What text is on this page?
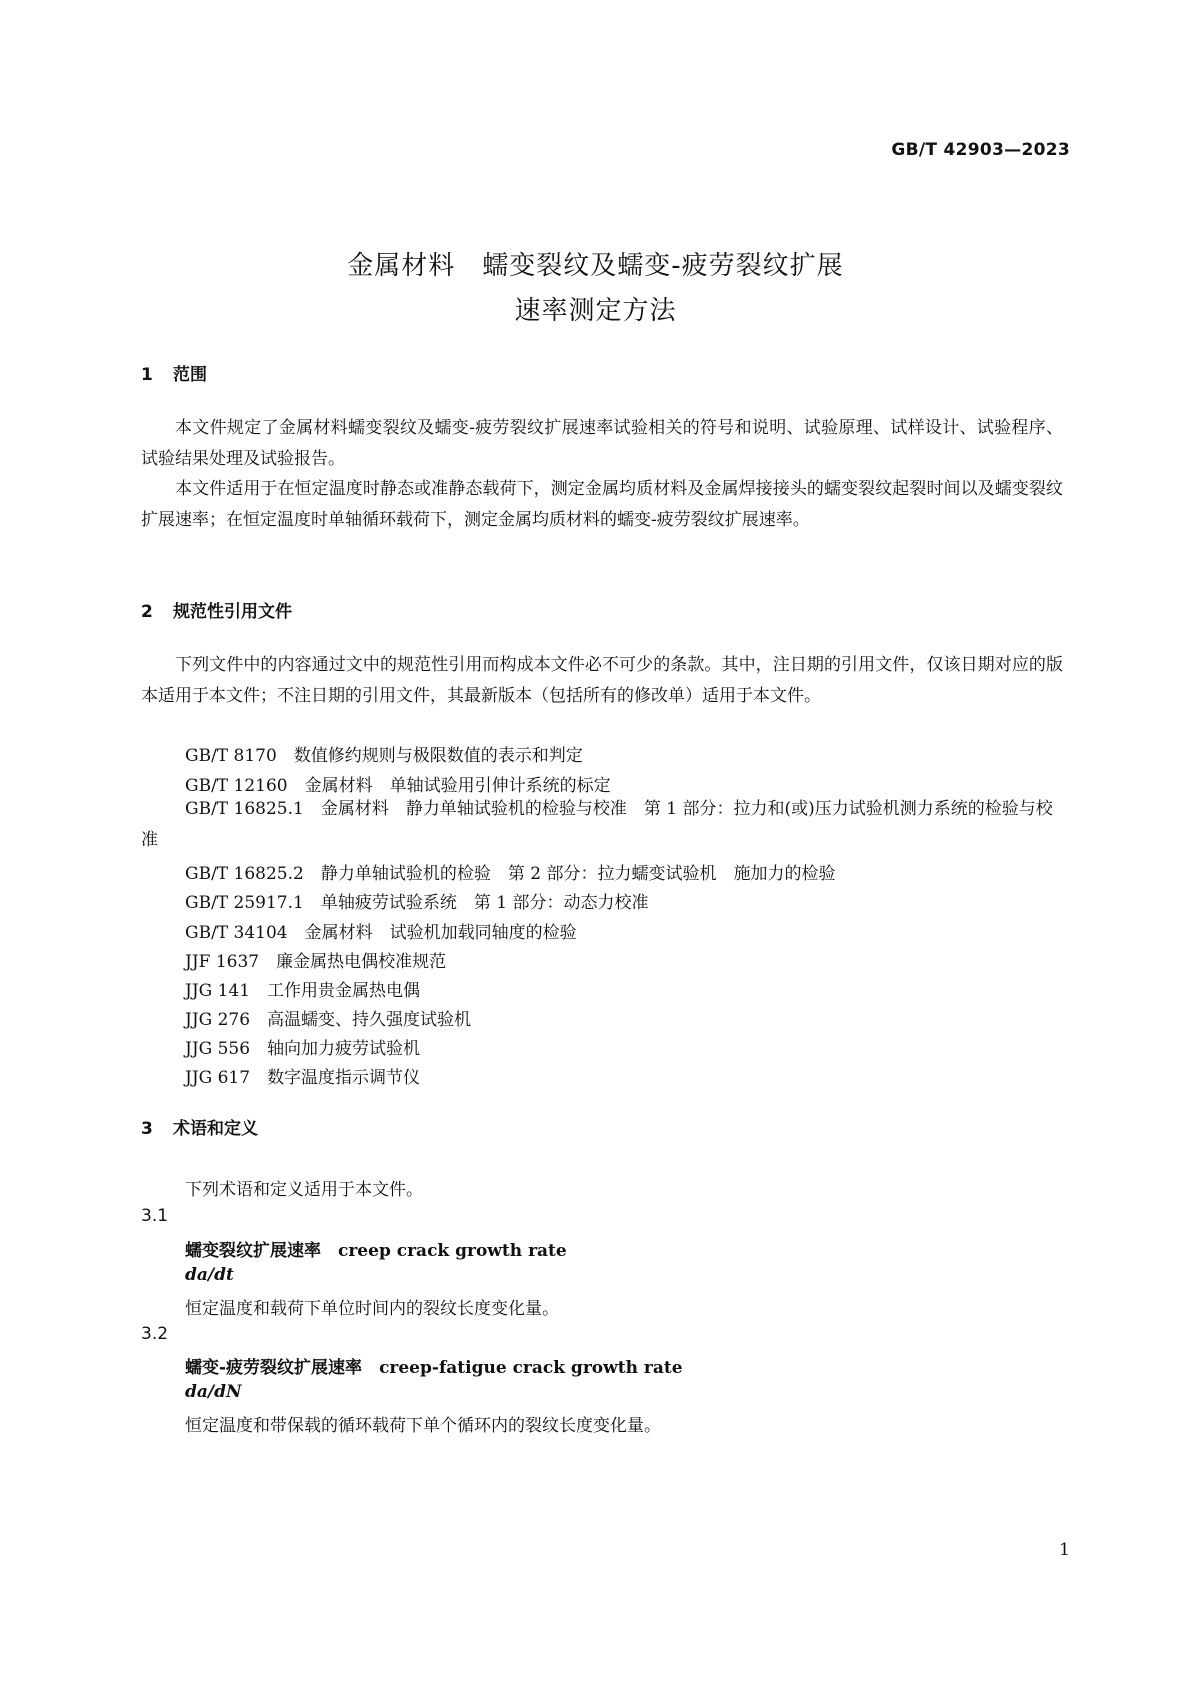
GB/T 42903—2023
金属材料　蠕变裂纹及蠕变-疲劳裂纹扩展
速率测定方法
1 范围

本文件规定了金属材料蠕变裂纹及蠕变-疲劳裂纹扩展速率试验相关的符号和说明、试验原理、试样设计、试验程序、试验结果处理及试验报告。

本文件适用于在恒定温度时静态或准静态载荷下，测定金属均质材料及金属焊接接头的蠕变裂纹起裂时间以及蠕变裂纹扩展速率；在恒定温度时单轴循环载荷下，测定金属均质材料的蠕变-疲劳裂纹扩展速率。

2 规范性引用文件

下列文件中的内容通过文中的规范性引用而构成本文件必不可少的条款。其中，注日期的引用文件，仅该日期对应的版本适用于本文件；不注日期的引用文件，其最新版本（包括所有的修改单）适用于本文件。

GB/T 8170 数值修约规则与极限数值的表示和判定
GB/T 12160 金属材料　单轴试验用引伸计系统的标定

GB/T 16825.1 金属材料　静力单轴试验机的检验与校准　第 1 部分：拉力和(或)压力试验机测力系统的检验与校准

GB/T 16825.2 静力单轴试验机的检验　第 2 部分：拉力蠕变试验机　施加力的检验
GB/T 25917.1 单轴疲劳试验系统　第 1 部分：动态力校准
GB/T 34104 金属材料　试验机加载同轴度的检验
JJF 1637 廉金属热电偶校准规范
JJG 141 工作用贵金属热电偶
JJG 276 高温蠕变、持久强度试验机
JJG 556 轴向加力疲劳试验机
JJG 617 数字温度指示调节仪
3 术语和定义
下列术语和定义适用于本文件。
3.1
蠕变裂纹扩展速率 creep crack growth rate
da/dt
恒定温度和载荷下单位时间内的裂纹长度变化量。
3.2
蠕变-疲劳裂纹扩展速率 creep-fatigue crack growth rate
da/dN
恒定温度和带保载的循环载荷下单个循环内的裂纹长度变化量。
1
